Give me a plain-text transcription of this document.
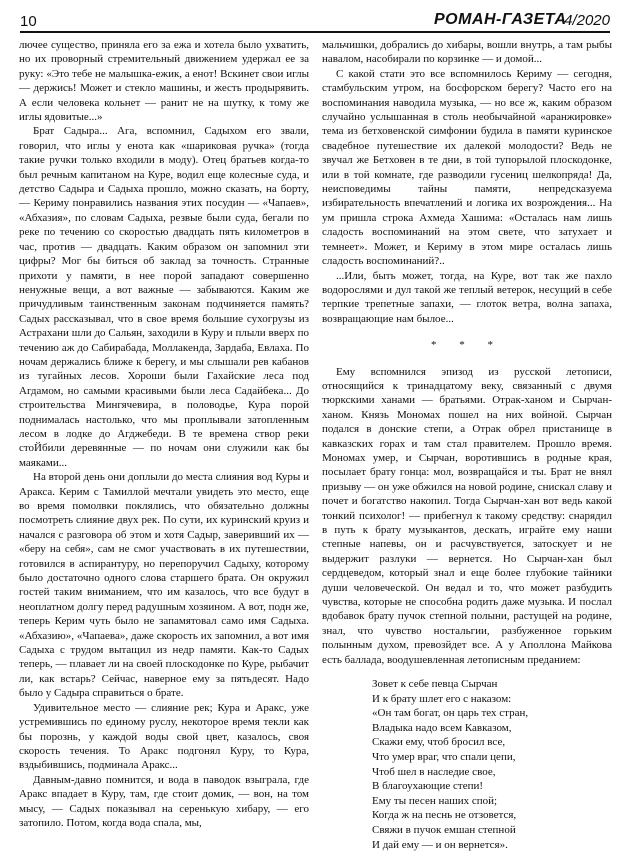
10	РОМАН-ГАЗЕТА
4/2020

лючее существо, приняла его за ежа и хотела было ухватить, но их проворный стремительный движением удержал ее за руку: «Это тебе не малышка-ежик, а енот! Вскинет свои иглы — держись! Может и стекло машины, и жесть продырявить. А если человека кольнет — ранит не на шутку, к тому же иглы ядовитые...»

Брат Садыра... Ага, вспомнил, Садыхом его звали, говорил, что иглы у енота как «шариковая ручка» (тогда такие ручки только входили в моду). Отец братьев когда-то был речным капитаном на Куре, водил еще колесные суда, и детство Садыра и Садыха прошло, можно сказать, на борту, — Кериму понравились названия этих посудин — «Чапаев», «Абхазия», по словам Садыха, резвые были суда, бегали по реке по течению со скоростью двадцать пять километров в час, против — двадцать. Каким образом он запомнил эти цифры? Мог бы биться об заклад за точность. Странные прихоти у памяти, в нее порой западают совершенно ненужные вещи, а вот важные — забываются. Каким же причудливым таинственным законам подчиняется память? Садых рассказывал, что в свое время большие сухогрузы из Астрахани шли до Сальян, заходили в Куру и плыли вверх по течению аж до Сабирабада, Моллакенда, Зардаба, Евлаха. По ночам держались ближе к берегу, и мы слышали рев кабанов из тугайных лесов. Хороши были Гахайские леса под Агдамом, но самыми красивыми были леса Садайбека... До строительства Мингячевира, в половодье, Кура порой поднималась настолько, что мы проплывали затопленным лесом в лодке до Агджебеди. В те времена створ реки стоЙбили деревянные — по ночам они служили как бы маяками...

На второй день они доплыли до места слияния вод Куры и Аракса. Керим с Тамиллой мечтали увидеть это место, еще во время помолвки поклялись, что обязательно должны посмотреть слияние двух рек. По сути, их куринский круиз и начался с разговора об этом и хотя Садыр, заверивший их — «беру на себя», сам не смог участвовать в их путешествии, готовился в аспирантуру, но перепоручил Садыху, которому было достаточно одного слова старшего брата. Он окружил гостей таким вниманием, что им казалось, что все будут в неоплатном долгу перед радушным хозяином. А вот, подн же, теперь Керим чуть было не запамятовал само имя Садыха. «Абхазию», «Чапаева», даже скорость их запомнил, а вот имя Садыха с трудом вытащил из недр памяти. Как-то Садых теперь, — плавает ли на своей плоскодонке по Куре, рыбачит ли, как встарь? Сейчас, наверное ему за пятьдесят. Надо было у Садыра справиться о брате.

Удивительное место — слияние рек; Кура и Аракс, уже устремившись по единому руслу, некоторое время текли как бы порознь, у каждой воды свой цвет, казалось, своя скорость течения. То Аракс подгонял Куру, то Кура, вздыбившись, подминала Аракс...

Давным-давно помнится, и вода в паводок взыграла, где Аракс впадает в Куру, там, где стоит домик, — вон, на том мысу, — Садых показывал на серенькую хибару, — его затопило. Потом, когда вода спала, мы,

мальчишки, добрались до хибары, вошли внутрь, а там рыбы навалом, насобирали по корзинке — и домой...

С какой стати это все вспомнилось Кериму — сегодня, стамбульским утром, на босфорском берегу? Часто его на воспоминания наводила музыка, — но все ж, каким образом случайно услышанная в столь необычайной «аранжировке» тема из бетховенской симфонии будила в памяти куринское свадебное путешествие их далекой молодости? Ведь не звучал же Бетховен в те дни, в той тупорылой плоскодонке, или в той комнате, где разводили гусениц шелкопряда! Да, неисповедимы тайны памяти, непредсказуема избирательность впечатлений и логика их возрождения... На ум пришла строка Ахмеда Хашима: «Осталась нам лишь сладость воспоминаний на этом свете, что затухает и темнеет». Может, и Кериму в этом мире осталась лишь сладость воспоминаний?..

...Или, быть может, тогда, на Куре, вот так же пахло водорослями и дул такой же теплый ветерок, несущий в себе терпкие трепетные запахи, — глоток ветра, волна запаха, возвращающие нам былое...

* * *

Ему вспомнился эпизод из русской летописи, относящийся к тринадцатому веку, связанный с двумя тюркскими ханами — братьями. Отрак-ханом и Сырчан-ханом. Князь Мономах пошел на них войной. Сырчан подался в донские степи, а Отрак обрел пристанище в кавказских горах и там стал правителем. Прошло время. Мономах умер, и Сырчан, воротившись в родные края, посылает брату гонца: мол, возвращайся и ты. Брат не внял призыву — он уже обжился на новой родине, снискал славу и почет и богатство накопил. Тогда Сырчан-хан вот ведь какой тонкий психолог! — прибегнул к такому средству: снарядил в путь к брату музыкантов, дескать, играйте ему наши степные напевы, он и расчувствуется, затоскует и не выдержит разлуки — вернется. Но Сырчан-хан был сердцеведом, который знал и еще более глубокие тайники души человеческой. Он ведал и то, что может разбудить чувства, которые не способна родить даже музыка. И послал вдобавок брату пучок степной полыни, растущей на родине, знал, что чувство ностальгии, разбуженное горьким полынным духом, превозйдет все. А у Аполлона Майкова есть баллада, воодушевленная летописным преданием:

Зовет к себе певца Сырчан
И к брату шлет его с наказом:
«Он там богат, он царь тех стран,
Владыка надо всем Кавказом,
Скажи ему, чтоб бросил все,
Что умер враг, что спали цепи,
Чтоб шел в наследие свое,
В благоухающие степи!
Ему ты песен наших спой;
Когда ж на песнь не отзовется,
Свяжи в пучок емшан степной
И дай ему — и он вернется».
